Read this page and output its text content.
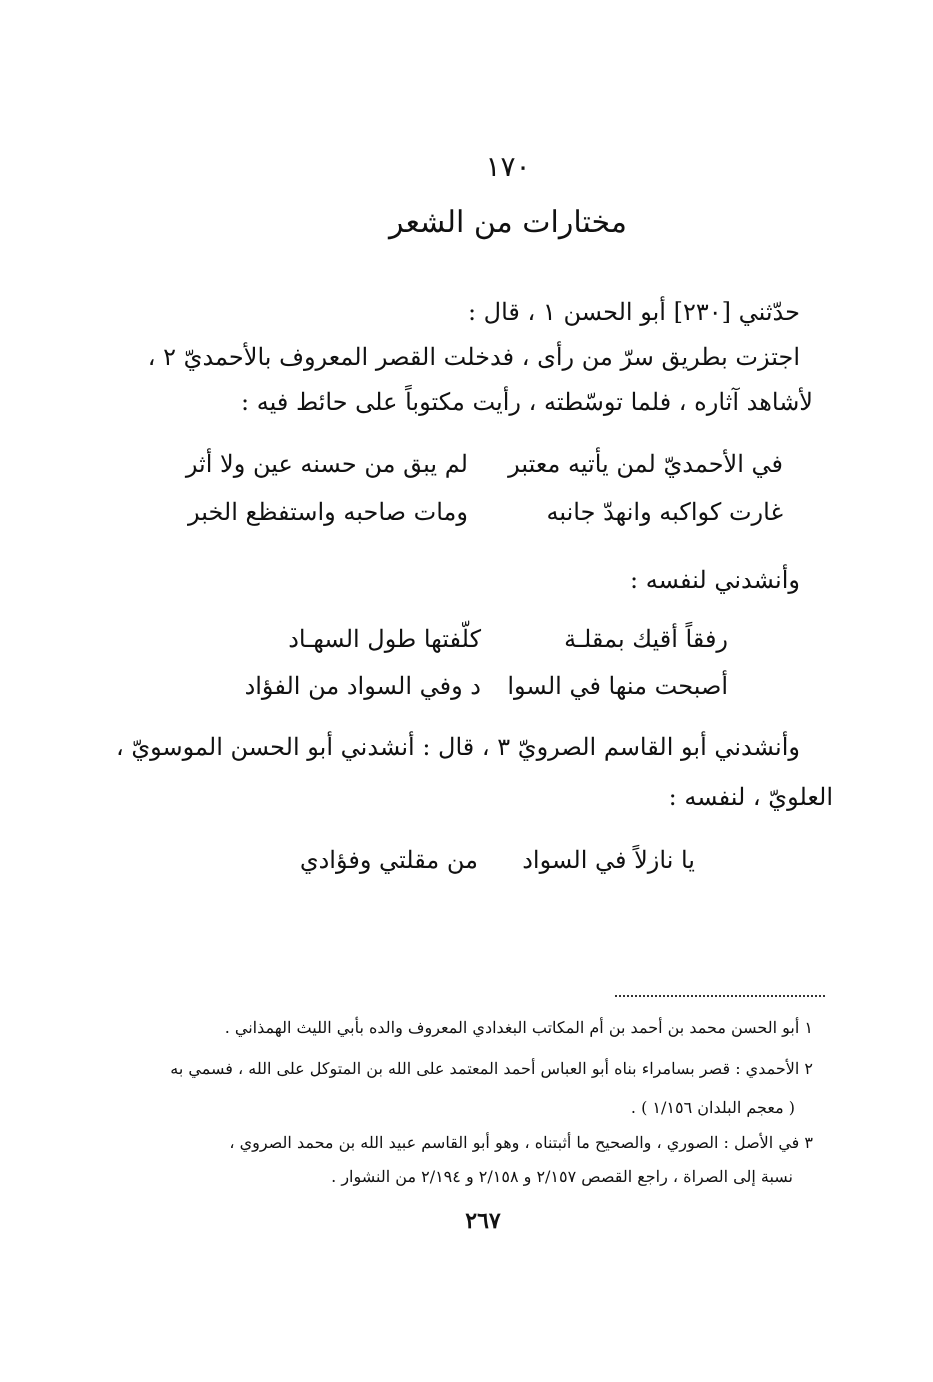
١٧٠
مختارات من الشعر
حدّثني [٢٣٠] أبو الحسن ١ ، قال :
اجتزت بطريق سرّ من رأى ، فدخلت القصر المعروف بالأحمديّ ٢ ،
لأشاهد آثاره ، فلما توسّطته ، رأيت مكتوباً على حائط فيه :
في الأحمديّ لمن يأتيه معتبر
لم يبق من حسنه عين ولا أثر
غارت كواكبه وانهدّ جانبه
ومات صاحبه واستفظع الخبر
وأنشدني لنفسه :
رفقاً أقيك بمقلـة
كلّفتها طول السهـاد
أصبحت منها في السوا
د وفي السواد من الفؤاد
وأنشدني أبو القاسم الصرويّ ٣ ، قال : أنشدني أبو الحسن الموسويّ ،
العلويّ ، لنفسه :
يا نازلاً في السواد
من مقلتي وفؤادي
١ أبو الحسن محمد بن أحمد بن أم المكاتب البغدادي المعروف والده بأبي الليث الهمذاني .
٢ الأحمدي : قصر بسامراء بناه أبو العباس أحمد المعتمد على الله بن المتوكل على الله ، فسمي به
( معجم البلدان ١/١٥٦ ) .
٣ في الأصل : الصوري ، والصحيح ما أثبتناه ، وهو أبو القاسم عبيد الله بن محمد الصروي ،
نسبة إلى الصراة ، راجع القصص ٢/١٥٧ و ٢/١٥٨ و ٢/١٩٤ من النشوار .
٢٦٧
